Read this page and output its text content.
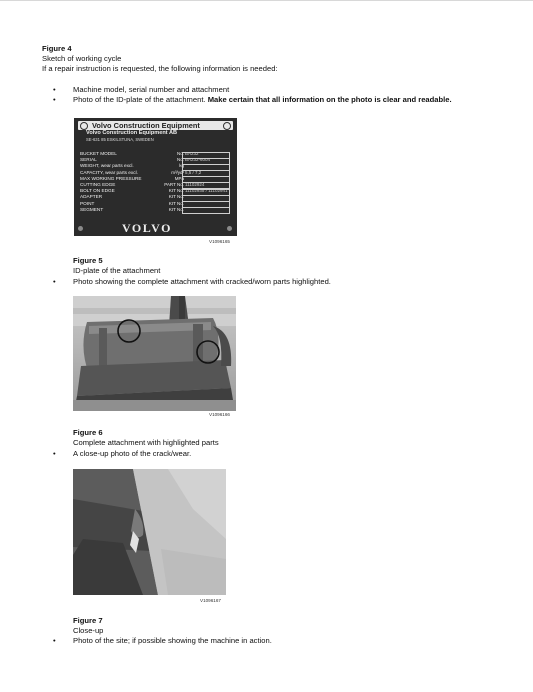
Figure 4
Sketch of working cycle
If a repair instruction is requested, the following information is needed:
• Machine model, serial number and attachment
• Photo of the ID-plate of the attachment. Make certain that all information on the photo is clear and readable.
Volvo Construction Equipment
Volvo Construction Equipment AB
SE-631 85 ESKILSTUNA, SWEDEN
BUCKET MODEL	No. BA232
SERIAL	No. BA232-6004
WEIGHT, wear parts excl.	kg
CAPACITY, wear parts excl.	m³/yd³ 5,5 / 7,2
MAX WORKING PRESSURE	MPa
CUTTING EDGE	PART No. 11102924
BOLT ON EDGE	KIT No. 11102935 / 11102941
ADAPTER	KIT No.
POINT	KIT No.
SEGMENT	KIT No.
VOLVO
V1096165
Figure 5
ID-plate of the attachment
• Photo showing the complete attachment with cracked/worn parts highlighted.
V1096166
Figure 6
Complete attachment with highlighted parts
• A close-up photo of the crack/wear.
V1096167
Figure 7
Close-up
• Photo of the site; if possible showing the machine in action.
